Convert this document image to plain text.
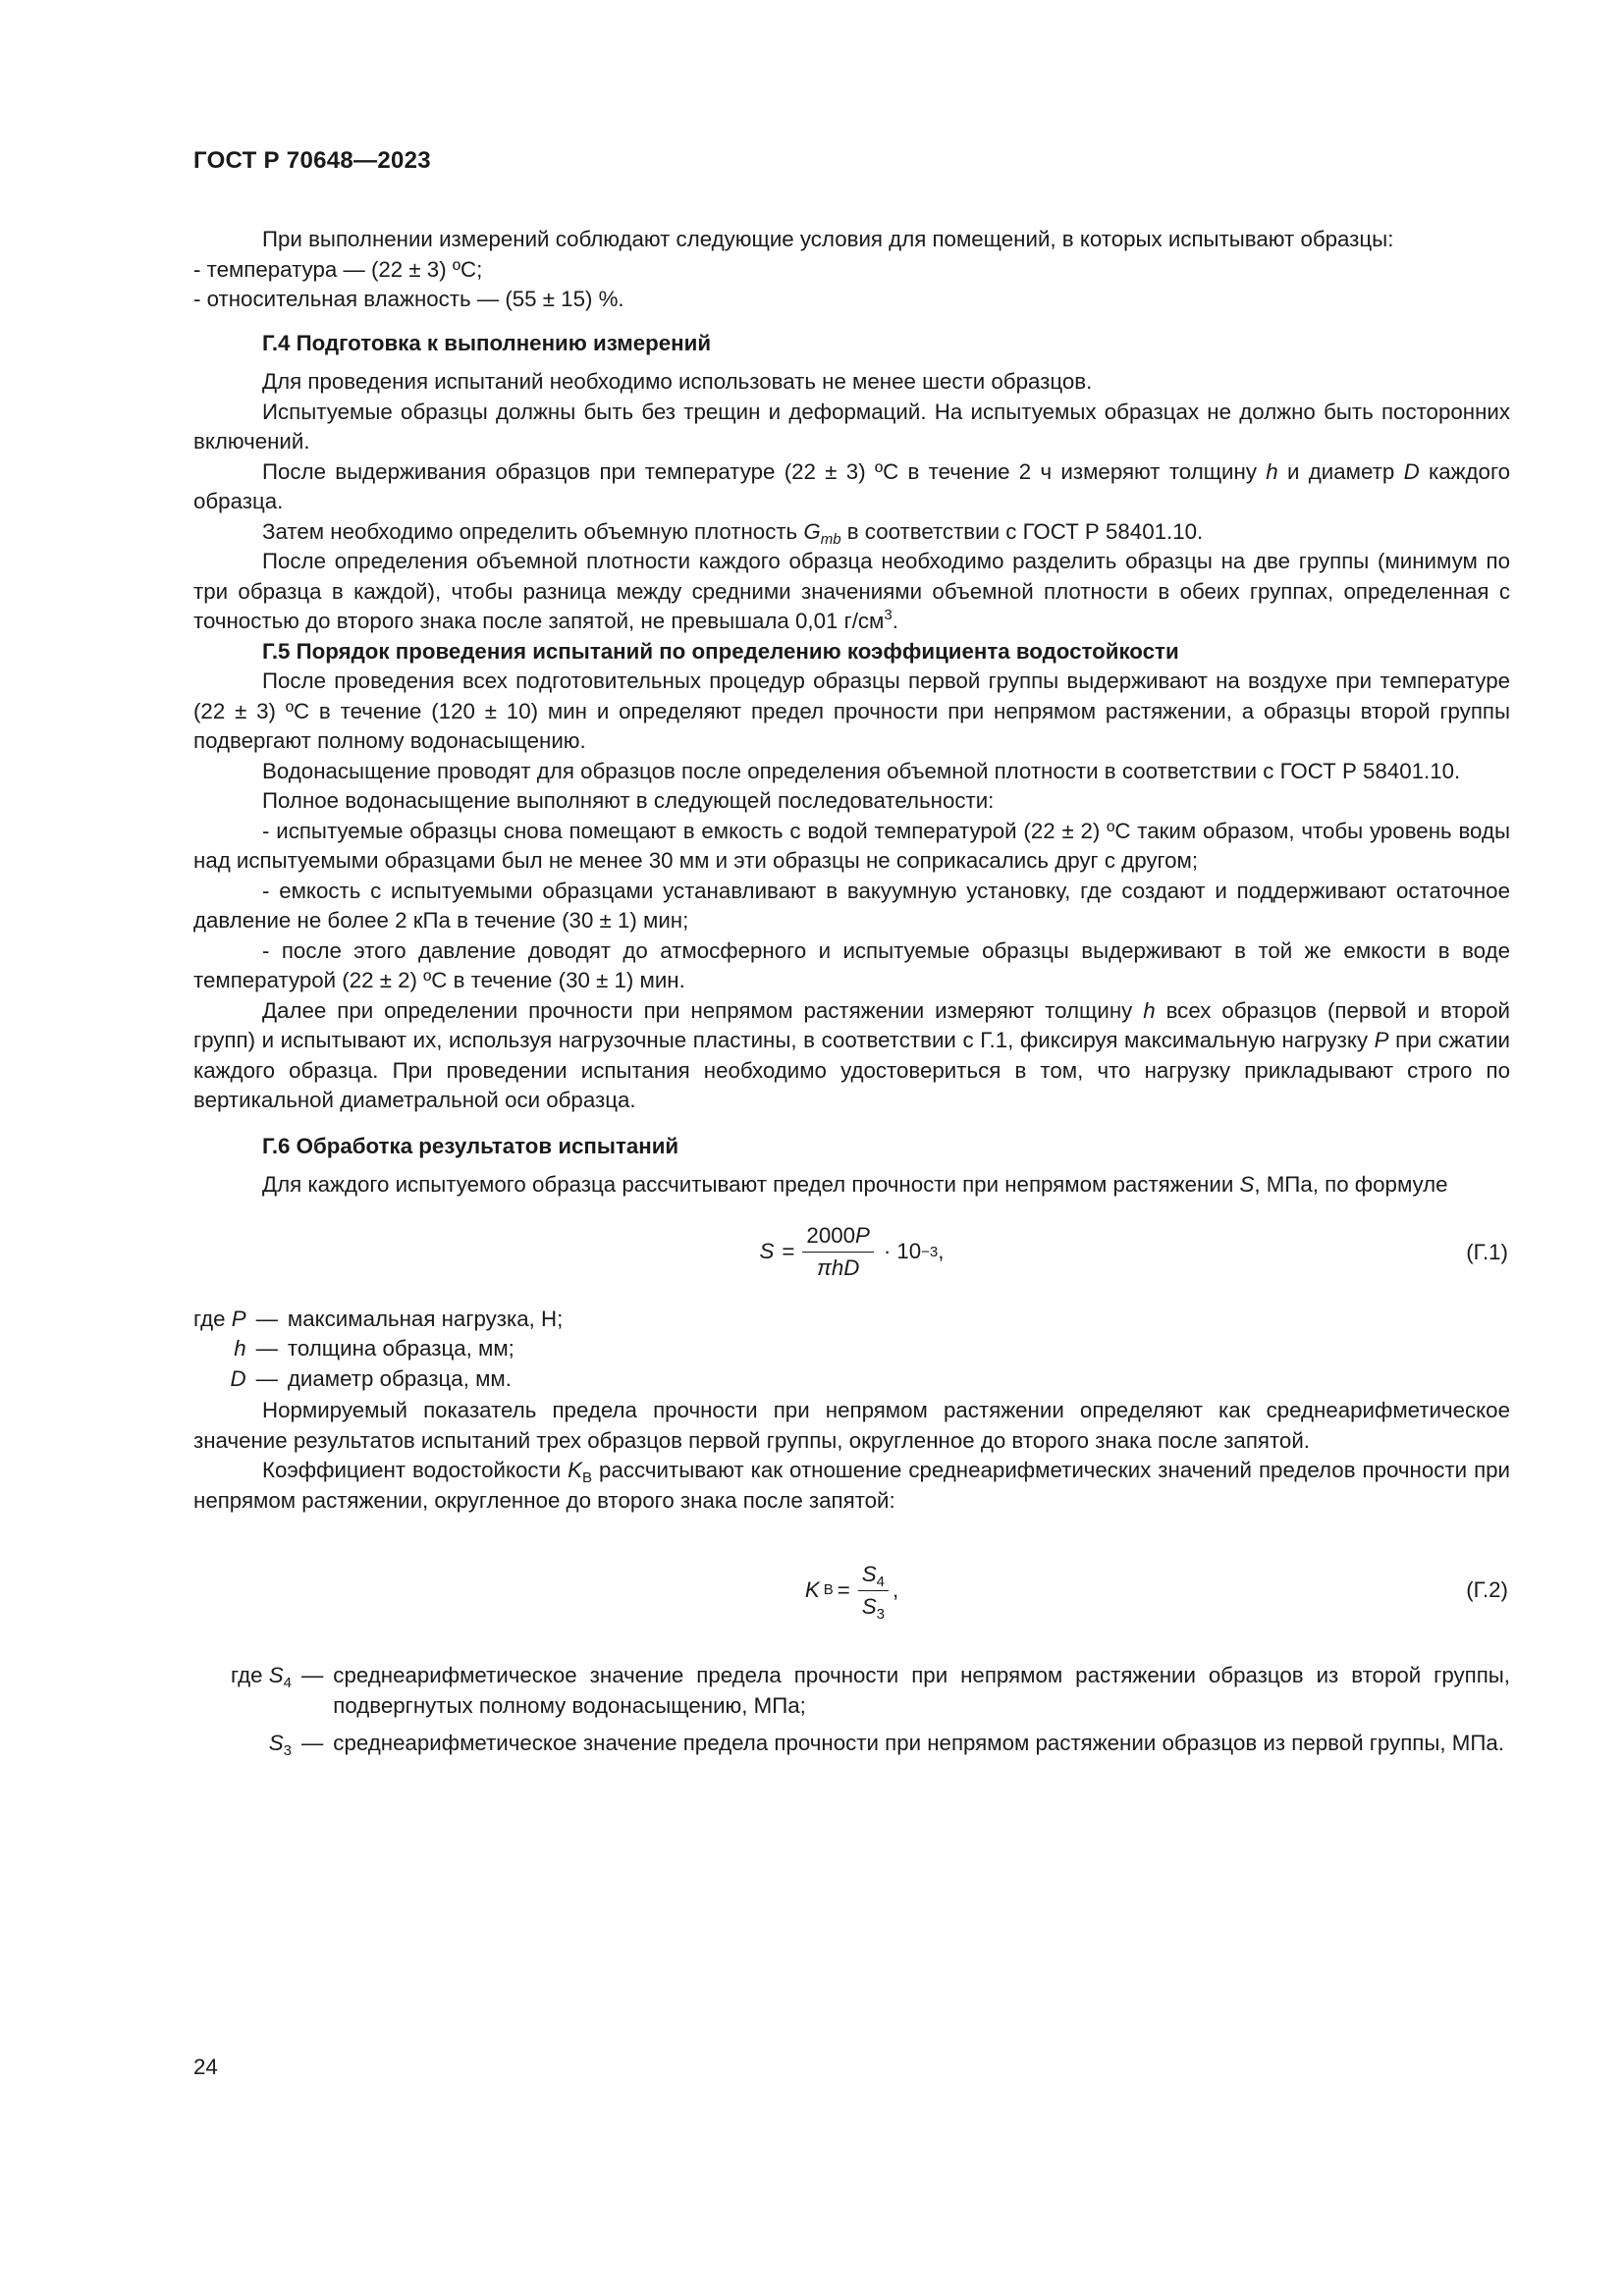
ГОСТ Р 70648—2023

При выполнении измерений соблюдают следующие условия для помещений, в которых испытывают образцы:

- температура — (22 ± 3) ºС;

- относительная влажность — (55 ± 15) %.

Г.4 Подготовка к выполнению измерений

Для проведения испытаний необходимо использовать не менее шести образцов.

Испытуемые образцы должны быть без трещин и деформаций. На испытуемых образцах не должно быть посторонних включений.

После выдерживания образцов при температуре (22 ± 3) ºС в течение 2 ч измеряют толщину h и диаметр D каждого образца.

Затем необходимо определить объемную плотность $G_{mb}$ в соответствии с ГОСТ Р 58401.10.

После определения объемной плотности каждого образца необходимо разделить образцы на две группы (минимум по три образца в каждой), чтобы разница между средними значениями объемной плотности в обеих группах, определенная с точностью до второго знака после запятой, не превышала 0,01 $г/см^3$.

Г.5 Порядок проведения испытаний по определению коэффициента водостойкости

После проведения всех подготовительных процедур образцы первой группы выдерживают на воздухе при температуре (22 ± 3) ºС в течение (120 ± 10) мин и определяют предел прочности при непрямом растяжении, а образцы второй группы подвергают полному водонасыщению.

Водонасыщение проводят для образцов после определения объемной плотности в соответствии с ГОСТ Р 58401.10.

Полное водонасыщение выполняют в следующей последовательности:

- испытуемые образцы снова помещают в емкость с водой температурой (22 ± 2) ºС таким образом, чтобы уровень воды над испытуемыми образцами был не менее 30 мм и эти образцы не соприкасались друг с другом;

- емкость с испытуемыми образцами устанавливают в вакуумную установку, где создают и поддерживают остаточное давление не более 2 кПа в течение (30 ± 1) мин;

- после этого давление доводят до атмосферного и испытуемые образцы выдерживают в той же емкости в воде температурой (22 ± 2) ºС в течение (30 ± 1) мин.

Далее при определении прочности при непрямом растяжении измеряют толщину h всех образцов (первой и второй групп) и испытывают их, используя нагрузочные пластины, в соответствии с Г.1, фиксируя максимальную нагрузку P при сжатии каждого образца. При проведении испытания необходимо удостовериться в том, что нагрузку прикладывают строго по вертикальной диаметральной оси образца.

Г.6 Обработка результатов испытаний

Для каждого испытуемого образца рассчитывают предел прочности при непрямом растяжении S, МПа, по формуле

$S = \frac{2000P}{\text{πhD}} \cdot 10 -3$ ,	(Г.1)
где P	—	максимальная нагрузка, Н;
h	—	толщина образца, мм;
D	—	диаметр образца, мм.

Нормируемый показатель предела прочности при непрямом растяжении определяют как среднеарифметическое значение результатов испытаний трех образцов первой группы, округленное до второго знака после запятой.

Коэффициент водостойкости $K_В$ рассчитывают как отношение среднеарифметических значений пределов прочности при непрямом растяжении, округленное до второго знака после запятой:

K $В = \frac{S_4}{S_3}$ ,	(Г.2)
где $S_4$	—	среднеарифметическое значение предела прочности при непрямом растяжении образцов из второй группы, подвергнутых полному водонасыщению, МПа;
$S_3$	—	среднеарифметическое значение предела прочности при непрямом растяжении образцов из первой группы, МПа.
24
